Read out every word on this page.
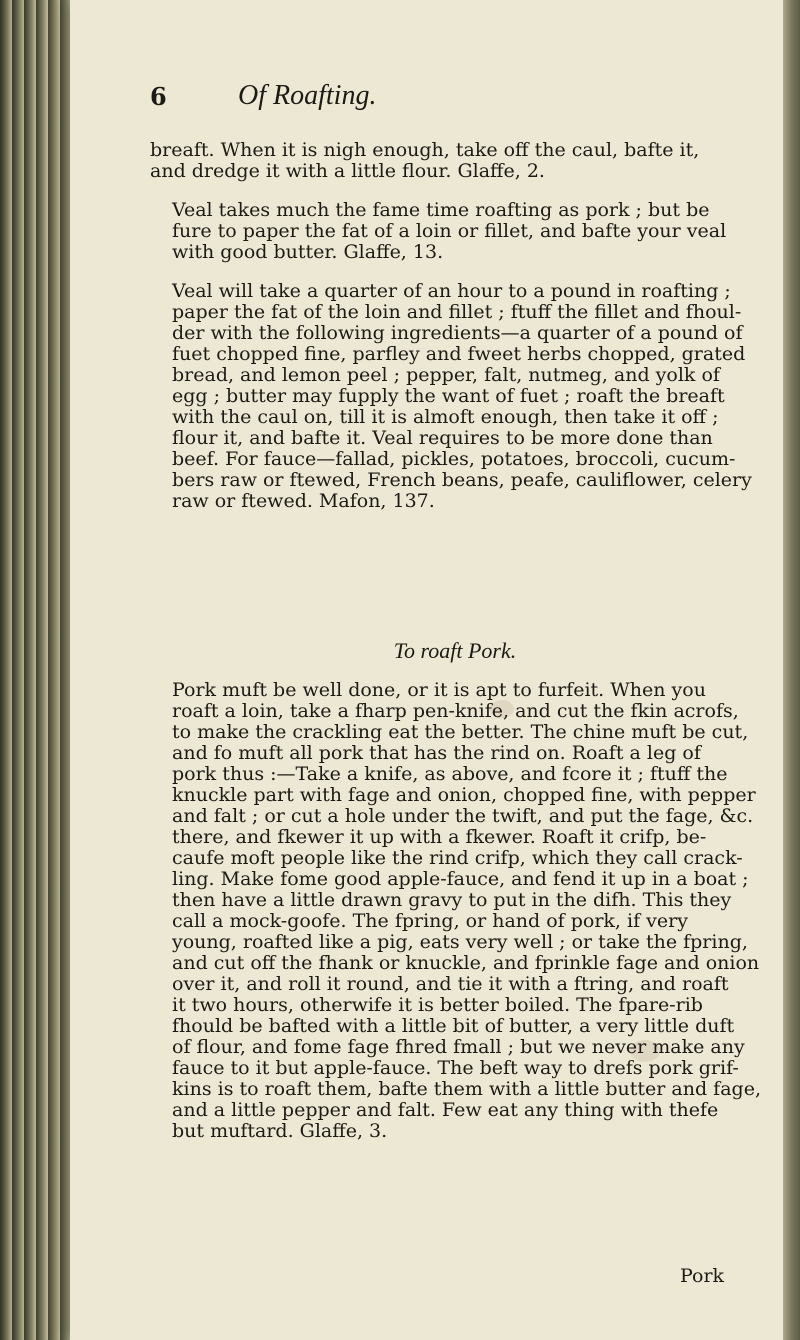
6	Of Roafting.

breaft. When it is nigh enough, take off the caul, bafte it,
and dredge it with a little flour. Glaffe, 2.

Veal takes much the fame time roafting as pork ; but be
fure to paper the fat of a loin or fillet, and bafte your veal
with good butter. Glaffe, 13.

Veal will take a quarter of an hour to a pound in roafting ;
paper the fat of the loin and fillet ; ftuff the fillet and fhoul-
der with the following ingredients—a quarter of a pound of
fuet chopped fine, parfley and fweet herbs chopped, grated
bread, and lemon peel ; pepper, falt, nutmeg, and yolk of
egg ; butter may fupply the want of fuet ; roaft the breaft
with the caul on, till it is almoft enough, then take it off ;
flour it, and bafte it. Veal requires to be more done than
beef. For fauce—fallad, pickles, potatoes, broccoli, cucum-
bers raw or ftewed, French beans, peafe, cauliflower, celery
raw or ftewed. Mafon, 137.

To roaft Pork.

Pork muft be well done, or it is apt to furfeit. When you
roaft a loin, take a fharp pen-knife, and cut the fkin acrofs,
to make the crackling eat the better. The chine muft be cut,
and fo muft all pork that has the rind on. Roaft a leg of
pork thus :—Take a knife, as above, and fcore it ; ftuff the
knuckle part with fage and onion, chopped fine, with pepper
and falt ; or cut a hole under the twift, and put the fage, &c.
there, and fkewer it up with a fkewer. Roaft it crifp, be-
caufe moft people like the rind crifp, which they call crack-
ling. Make fome good apple-fauce, and fend it up in a boat ;
then have a little drawn gravy to put in the difh. This they
call a mock-goofe. The fpring, or hand of pork, if very
young, roafted like a pig, eats very well ; or take the fpring,
and cut off the fhank or knuckle, and fprinkle fage and onion
over it, and roll it round, and tie it with a ftring, and roaft
it two hours, otherwife it is better boiled. The fpare-rib
fhould be bafted with a little bit of butter, a very little duft
of flour, and fome fage fhred fmall ; but we never make any
fauce to it but apple-fauce. The beft way to drefs pork grif-
kins is to roaft them, bafte them with a little butter and fage,
and a little pepper and falt. Few eat any thing with thefe
but muftard. Glaffe, 3.

Pork
